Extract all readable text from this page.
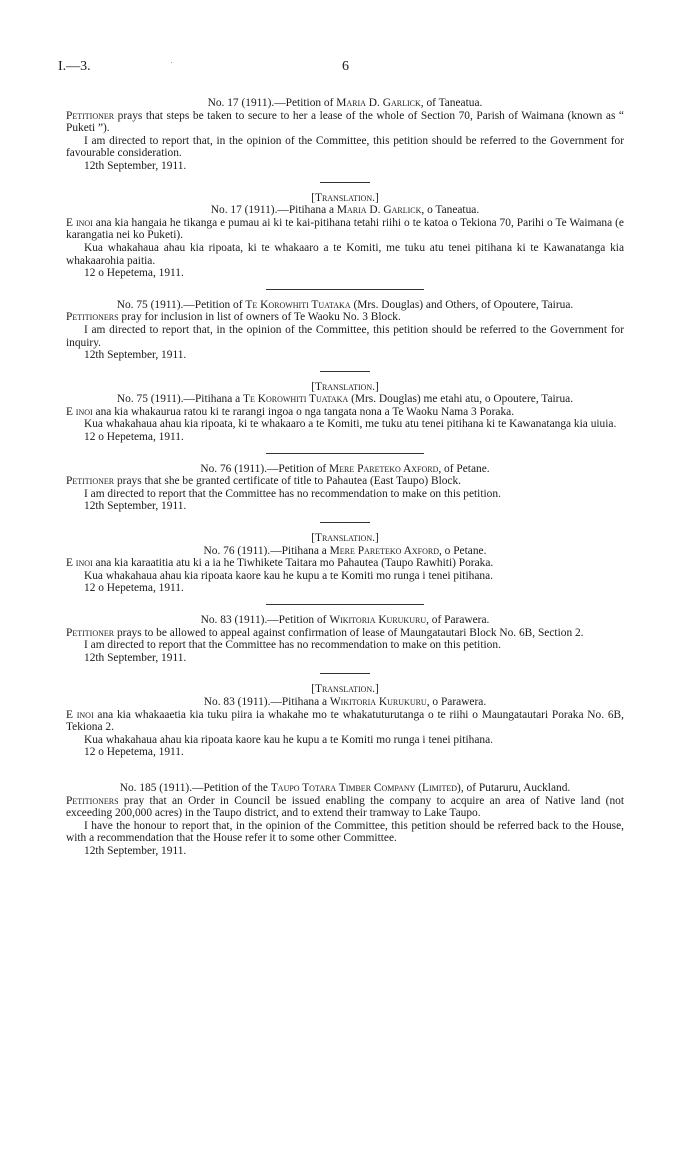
I.—3.	6

No. 17 (1911).—Petition of Maria D. Garlick, of Taneatua.

Petitioner prays that steps be taken to secure to her a lease of the whole of Section 70, Parish of Waimana (known as “ Puketi ”).

I am directed to report that, in the opinion of the Committee, this petition should be referred to the Government for favourable consideration.

12th September, 1911.

[Translation.]

No. 17 (1911).—Pitihana a Maria D. Garlick, o Taneatua.

E inoi ana kia hangaia he tikanga e pumau ai ki te kai-pitihana tetahi riihi o te katoa o Tekiona 70, Parihi o Te Waimana (e karangatia nei ko Puketi).

Kua whakahaua ahau kia ripoata, ki te whakaaro a te Komiti, me tuku atu tenei pitihana ki te Kawanatanga kia whakaarohia paitia.

12 o Hepetema, 1911.

No. 75 (1911).—Petition of Te Korowhiti Tuataka (Mrs. Douglas) and Others, of Opoutere, Tairua.

Petitioners pray for inclusion in list of owners of Te Waoku No. 3 Block.

I am directed to report that, in the opinion of the Committee, this petition should be referred to the Government for inquiry.

12th September, 1911.

[Translation.]

No. 75 (1911).—Pitihana a Te Korowhiti Tuataka (Mrs. Douglas) me etahi atu, o Opoutere, Tairua.

E inoi ana kia whakaurua ratou ki te rarangi ingoa o nga tangata nona a Te Waoku Nama 3 Poraka.

Kua whakahaua ahau kia ripoata, ki te whakaaro a te Komiti, me tuku atu tenei pitihana ki te Kawanatanga kia uiuia.

12 o Hepetema, 1911.

No. 76 (1911).—Petition of Mere Pareteko Axford, of Petane.

Petitioner prays that she be granted certificate of title to Pahautea (East Taupo) Block.

I am directed to report that the Committee has no recommendation to make on this petition.

12th September, 1911.

[Translation.]

No. 76 (1911).—Pitihana a Mere Pareteko Axford, o Petane.

E inoi ana kia karaatitia atu ki a ia he Tiwhikete Taitara mo Pahautea (Taupo Rawhiti) Poraka.

Kua whakahaua ahau kia ripoata kaore kau he kupu a te Komiti mo runga i tenei pitihana.

12 o Hepetema, 1911.

No. 83 (1911).—Petition of Wikitoria Kurukuru, of Parawera.

Petitioner prays to be allowed to appeal against confirmation of lease of Maungatautari Block No. 6B, Section 2.

I am directed to report that the Committee has no recommendation to make on this petition.

12th September, 1911.

[Translation.]

No. 83 (1911).—Pitihana a Wikitoria Kurukuru, o Parawera.

E inoi ana kia whakaaetia kia tuku piira ia whakahe mo te whakatuturutanga o te riihi o Maungatautari Poraka No. 6B, Tekiona 2.

Kua whakahaua ahau kia ripoata kaore kau he kupu a te Komiti mo runga i tenei pitihana.

12 o Hepetema, 1911.

No. 185 (1911).—Petition of the Taupo Totara Timber Company (Limited), of Putaruru, Auckland.

Petitioners pray that an Order in Council be issued enabling the company to acquire an area of Native land (not exceeding 200,000 acres) in the Taupo district, and to extend their tramway to Lake Taupo.

I have the honour to report that, in the opinion of the Committee, this petition should be referred back to the House, with a recommendation that the House refer it to some other Committee.

12th September, 1911.
